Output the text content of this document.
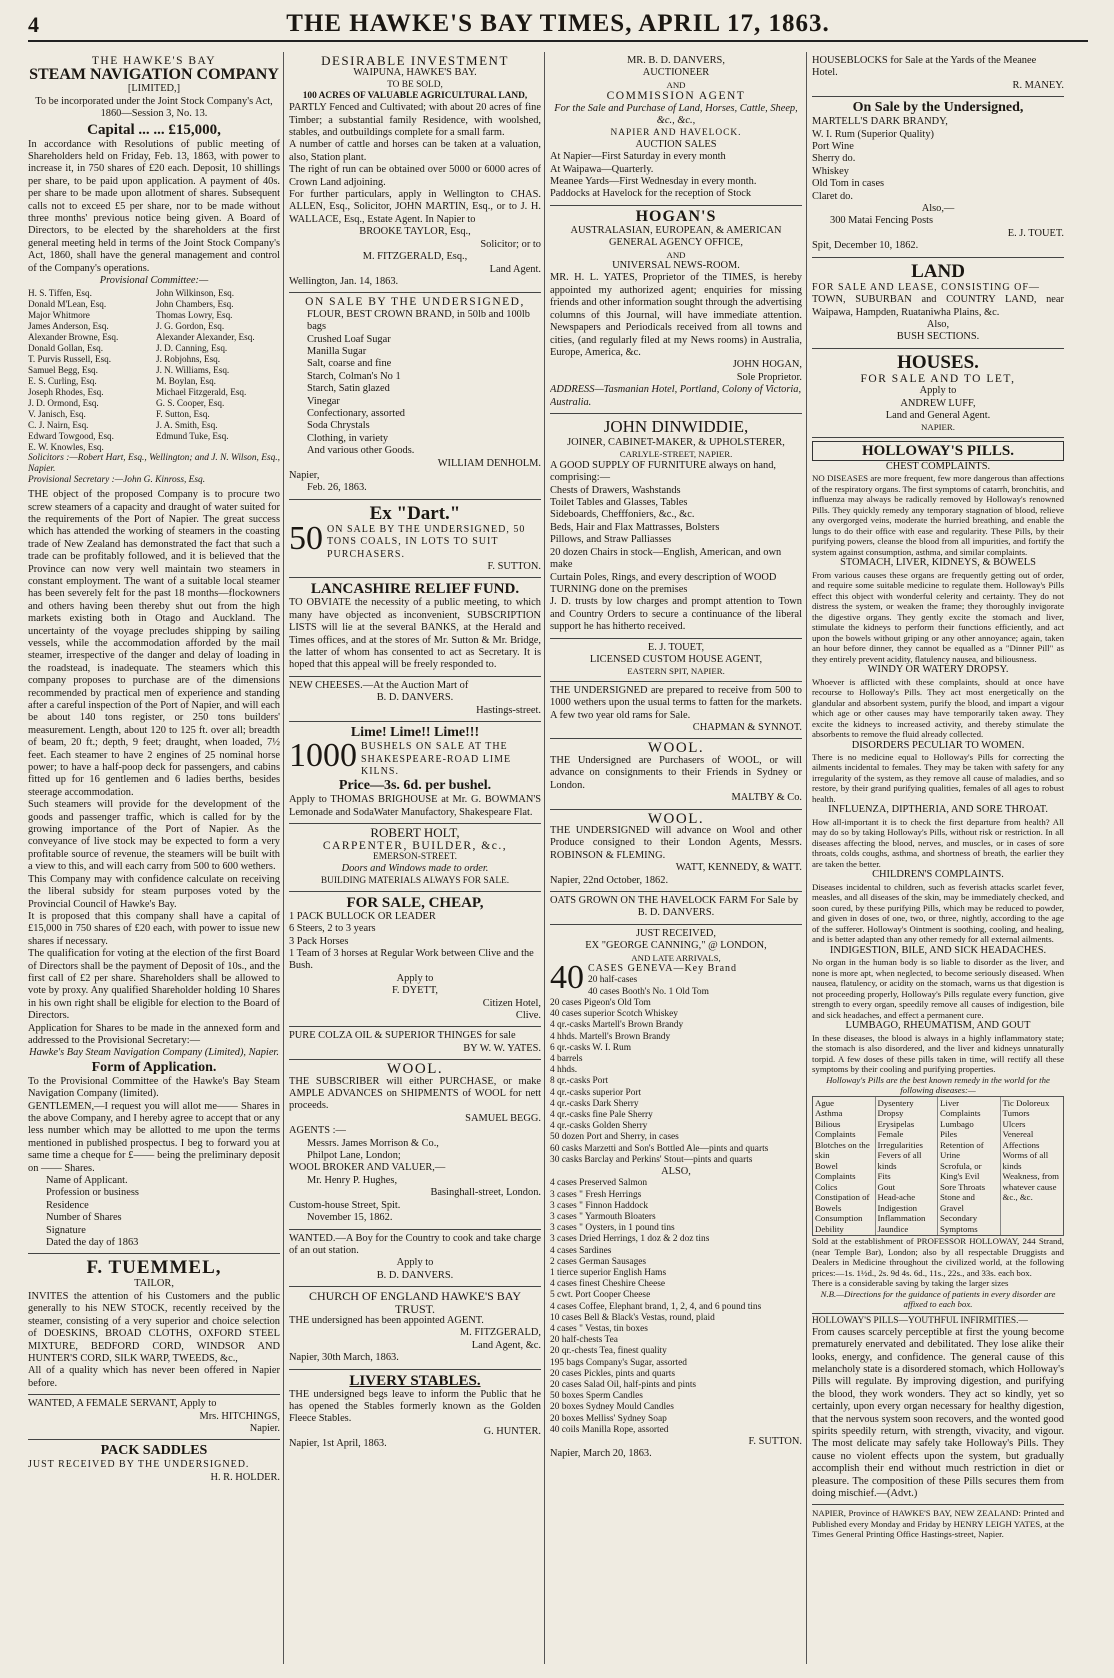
4	THE HAWKE'S BAY TIMES, APRIL 17, 1863.
THE HAWKE'S BAY
STEAM NAVIGATION COMPANY
[LIMITED,]
To be incorporated under the Joint Stock Company's Act, 1860—Session 3, No. 13.
Capital ... ... £15,000,
In accordance with Resolutions of public meeting of Shareholders held on Friday, Feb. 13, 1863, with power to increase it, in 750 shares of £20 each. Deposit, 10 shillings per share, to be paid upon application. A payment of 40s. per share to be made upon allotment of shares. Subsequent calls not to exceed £5 per share, nor to be made without three months' previous notice being given. A Board of Directors, to be elected by the shareholders at the first general meeting held in terms of the Joint Stock Company's Act, 1860, shall have the general management and control of the Company's operations.
Provisional Committee:—
H. S. Tiffen, Esq.
Donald M'Lean, Esq.
Major Whitmore
James Anderson, Esq.
Alexander Browne, Esq.
Donald Gollan, Esq.
T. Purvis Russell, Esq.
Samuel Begg, Esq.
E. S. Curling, Esq.
Joseph Rhodes, Esq.
J. D. Ormond, Esq.
V. Janisch, Esq.
C. J. Nairn, Esq.
Edward Towgood, Esq.
E. W. Knowles, Esq.
John Wilkinson, Esq.
John Chambers, Esq.
Thomas Lowry, Esq.
J. G. Gordon, Esq.
Alexander Alexander, Esq.
J. D. Canning, Esq.
J. Robjohns, Esq.
J. N. Williams, Esq.
M. Boylan, Esq.
Michael Fitzgerald, Esq.
G. S. Cooper, Esq.
F. Sutton, Esq.
J. A. Smith, Esq.
Edmund Tuke, Esq.
Solicitors :—Robert Hart, Esq., Wellington; and J. N. Wilson, Esq., Napier.
Provisional Secretary :—John G. Kinross, Esq.
THE object of the proposed Company is to procure two screw steamers of a capacity and draught of water suited for the requirements of the Port of Napier. The great success which has attended the working of steamers in the coasting trade of New Zealand has demonstrated the fact that such a trade can be profitably followed, and it is believed that the Province can now very well maintain two steamers in constant employment. The want of a suitable local steamer has been severely felt for the past 18 months—flockowners and others having been thereby shut out from the high markets existing both in Otago and Auckland. The uncertainty of the voyage precludes shipping by sailing vessels, while the accommodation afforded by the mail steamer, irrespective of the danger and delay of loading in the roadstead, is inadequate. The steamers which this company proposes to purchase are of the dimensions recommended by practical men of experience and standing after a careful inspection of the Port of Napier, and will each be about 140 tons register, or 250 tons builders' measurement. Length, about 120 to 125 ft. over all; breadth of beam, 20 ft.; depth, 9 feet; draught, when loaded, 7½ feet. Each steamer to have 2 engines of 25 nominal horse power; to have a half-poop deck for passengers, and cabins fitted up for 16 gentlemen and 6 ladies berths, besides steerage accommodation.
Such steamers will provide for the development of the goods and passenger traffic, which is called for by the growing importance of the Port of Napier. As the conveyance of live stock may be expected to form a very profitable source of revenue, the steamers will be built with a view to this, and will each carry from 500 to 600 wethers.
This Company may with confidence calculate on receiving the liberal subsidy for steam purposes voted by the Provincial Council of Hawke's Bay.
It is proposed that this company shall have a capital of £15,000 in 750 shares of £20 each, with power to issue new shares if necessary.
The qualification for voting at the election of the first Board of Directors shall be the payment of Deposit of 10s., and the first call of £2 per share. Shareholders shall be allowed to vote by proxy. Any qualified Shareholder holding 10 Shares in his own right shall be eligible for election to the Board of Directors.
Application for Shares to be made in the annexed form and addressed to the Provisional Secretary:—
Hawke's Bay Steam Navigation Company (Limited), Napier.
Form of Application.
To the Provisional Committee of the Hawke's Bay Steam Navigation Company (limited).
GENTLEMEN,—I request you will allot me—— Shares in the above Company, and I hereby agree to accept that or any less number which may be allotted to me upon the terms mentioned in published prospectus. I beg to forward you at same time a cheque for £—— being the preliminary deposit on —— Shares.
Name of Applicant.
Profession or business
Residence
Number of Shares
Signature
Dated the day of 1863
F. TUEMMEL,
TAILOR,
INVITES the attention of his Customers and the public generally to his NEW STOCK, recently received by the steamer, consisting of a very superior and choice selection of DOESKINS, BROAD CLOTHS, OXFORD STEEL MIXTURE, BEDFORD CORD, WINDSOR AND HUNTER'S CORD, SILK WARP, TWEEDS, &c.,
All of a quality which has never been offered in Napier before.
WANTED, A FEMALE SERVANT, Apply to
Mrs. HITCHINGS,
Napier.
PACK SADDLES
JUST RECEIVED BY THE UNDERSIGNED.
H. R. HOLDER.
DESIRABLE INVESTMENT
WAIPUNA, HAWKE'S BAY.
TO BE SOLD,
100 ACRES OF VALUABLE AGRICULTURAL LAND,
PARTLY Fenced and Cultivated; with about 20 acres of fine Timber; a substantial family Residence, with woolshed, stables, and outbuildings complete for a small farm.
A number of cattle and horses can be taken at a valuation, also, Station plant.
The right of run can be obtained over 5000 or 6000 acres of Crown Land adjoining.
For further particulars, apply in Wellington to CHAS. ALLEN, Esq., Solicitor, JOHN MARTIN, Esq., or to J. H. WALLACE, Esq., Estate Agent. In Napier to
BROOKE TAYLOR, Esq.,
Solicitor; or to
M. FITZGERALD, Esq.,
Land Agent.
Wellington, Jan. 14, 1863.
ON SALE BY THE UNDERSIGNED,
FLOUR, BEST CROWN BRAND, in 50lb and 100lb bags
Crushed Loaf Sugar
Manilla Sugar
Salt, coarse and fine
Starch, Colman's No 1
Starch, Satin glazed
Vinegar
Confectionary, assorted
Soda Chrystals
Clothing, in variety
And various other Goods.
WILLIAM DENHOLM.
Napier,
Feb. 26, 1863.
Ex "Dart."
50 ON SALE BY THE UNDERSIGNED, 50 TONS COALS, IN LOTS TO SUIT PURCHASERS.
F. SUTTON.
LANCASHIRE RELIEF FUND.
TO OBVIATE the necessity of a public meeting, to which many have objected as inconvenient, SUBSCRIPTION LISTS will lie at the several BANKS, at the Herald and Times offices, and at the stores of Mr. Sutton & Mr. Bridge, the latter of whom has consented to act as Secretary. It is hoped that this appeal will be freely responded to.
NEW CHEESES.—At the Auction Mart of
B. D. DANVERS.
Hastings-street.
Lime! Lime!! Lime!!!
1000 BUSHELS ON SALE AT THE SHAKESPEARE-ROAD LIME KILNS.
Price—3s. 6d. per bushel.
Apply to THOMAS BRIGHOUSE at Mr. G. BOWMAN'S Lemonade and SodaWater Manufactory, Shakespeare Flat.
ROBERT HOLT,
CARPENTER, BUILDER, &c.,
EMERSON-STREET.
Doors and Windows made to order.
BUILDING MATERIALS ALWAYS FOR SALE.
FOR SALE, CHEAP,
1 PACK BULLOCK OR LEADER
6 Steers, 2 to 3 years
3 Pack Horses
1 Team of 3 horses at Regular Work between Clive and the Bush.
Apply to
F. DYETT,
Citizen Hotel,
Clive.
PURE COLZA OIL & SUPERIOR THINGES for sale
BY W. W. YATES.
WOOL.
THE SUBSCRIBER will either PURCHASE, or make AMPLE ADVANCES on SHIPMENTS of WOOL for nett proceeds.
SAMUEL BEGG.
AGENTS :—
Messrs. James Morrison & Co.,
Philpot Lane, London;
WOOL BROKER AND VALUER,—
Mr. Henry P. Hughes,
Basinghall-street, London.
Custom-house Street, Spit.
November 15, 1862.
WANTED.—A Boy for the Country to cook and take charge of an out station.
Apply to
B. D. DANVERS.
CHURCH OF ENGLAND HAWKE'S BAY TRUST.
THE undersigned has been appointed AGENT.
M. FITZGERALD,
Land Agent, &c.
Napier, 30th March, 1863.
LIVERY STABLES.
THE undersigned begs leave to inform the Public that he has opened the Stables formerly known as the Golden Fleece Stables.
G. HUNTER.
Napier, 1st April, 1863.
MR. B. D. DANVERS,
AUCTIONEER
AND
COMMISSION AGENT
For the Sale and Purchase of Land, Horses, Cattle, Sheep, &c., &c.,
NAPIER AND HAVELOCK.
AUCTION SALES
At Napier—First Saturday in every month
At Waipawa—Quarterly.
Meanee Yards—First Wednesday in every month.
Paddocks at Havelock for the reception of Stock
HOGAN'S
AUSTRALASIAN, EUROPEAN, & AMERICAN GENERAL AGENCY OFFICE,
AND
UNIVERSAL NEWS-ROOM.
MR. H. L. YATES, Proprietor of the TIMES, is hereby appointed my authorized agent; enquiries for missing friends and other information sought through the advertising columns of this Journal, will have immediate attention. Newspapers and Periodicals received from all towns and cities, (and regularly filed at my News rooms) in Australia, Europe, America, &c.
JOHN HOGAN,
Sole Proprietor.
ADDRESS—Tasmanian Hotel, Portland, Colony of Victoria, Australia.
JOHN DINWIDDIE,
JOINER, CABINET-MAKER, & UPHOLSTERER,
CARLYLE-STREET, NAPIER.
A GOOD SUPPLY OF FURNITURE always on hand, comprising:—
Chests of Drawers, Washstands
Toilet Tables and Glasses, Tables
Sideboards, Chefffoniers, &c., &c.
Beds, Hair and Flax Mattrasses, Bolsters
Pillows, and Straw Palliasses
20 dozen Chairs in stock—English, American, and own make
Curtain Poles, Rings, and every description of WOOD TURNING done on the premises
J. D. trusts by low charges and prompt attention to Town and Country Orders to secure a continuance of the liberal support he has hitherto received.
E. J. TOUET,
LICENSED CUSTOM HOUSE AGENT,
EASTERN SPIT, NAPIER.
THE UNDERSIGNED are prepared to receive from 500 to 1000 wethers upon the usual terms to fatten for the markets. A few two year old rams for Sale.
CHAPMAN & SYNNOT.
WOOL.
THE Undersigned are Purchasers of WOOL, or will advance on consignments to their Friends in Sydney or London.
MALTBY & Co.
WOOL.
THE UNDERSIGNED will advance on Wool and other Produce consigned to their London Agents, Messrs. ROBINSON & FLEMING.
WATT, KENNEDY, & WATT.
Napier, 22nd October, 1862.
OATS GROWN ON THE HAVELOCK FARM For Sale by
B. D. DANVERS.
JUST RECEIVED,
EX "GEORGE CANNING," @ LONDON,
AND LATE ARRIVALS,
40 CASES GENEVA—Key Brand
20 half-cases
40 cases Booth's No. 1 Old Tom
20 cases Pigeon's Old Tom
40 cases superior Scotch Whiskey
4 qr.-casks Martell's Brown Brandy
4 hhds. Martell's Brown Brandy
6 qr.-casks W. I. Rum
4 barrels
4 hhds.
8 qr.-casks Port
4 qr.-casks superior Port
4 qr.-casks Dark Sherry
4 qr.-casks fine Pale Sherry
4 qr.-casks Golden Sherry
50 dozen Port and Sherry, in cases
60 casks Marzetti and Son's Bottled Ale—pints and quarts
30 casks Barclay and Perkins' Stout—pints and quarts
ALSO,
4 cases Preserved Salmon
3 cases " Fresh Herrings
3 cases " Finnon Haddock
3 cases " Yarmouth Bloaters
3 cases " Oysters, in 1 pound tins
3 cases Dried Herrings, 1 doz & 2 doz tins
4 cases Sardines
2 cases German Sausages
1 tierce superior English Hams
4 cases finest Cheshire Cheese
5 cwt. Port Cooper Cheese
4 cases Coffee, Elephant brand, 1, 2, 4, and 6 pound tins
10 cases Bell & Black's Vestas, round, plaid
4 cases " Vestas, tin boxes
20 half-chests Tea
20 qr.-chests Tea, finest quality
195 bags Company's Sugar, assorted
20 cases Pickles, pints and quarts
20 cases Salad Oil, half-pints and pints
50 boxes Sperm Candles
20 boxes Sydney Mould Candles
20 boxes Melliss' Sydney Soap
40 coils Manilla Rope, assorted
F. SUTTON.
Napier, March 20, 1863.
HOUSEBLOCKS for Sale at the Yards of the Meanee Hotel.
R. MANEY.
On Sale by the Undersigned,
MARTELL'S DARK BRANDY,
W. I. Rum (Superior Quality)
Port Wine
Sherry do.
Whiskey
Old Tom in cases
Claret do.
Also,—
300 Matai Fencing Posts
E. J. TOUET.
Spit, December 10, 1862.
LAND
FOR SALE AND LEASE, CONSISTING OF—
TOWN, SUBURBAN and COUNTRY LAND, near Waipawa, Hampden, Ruataniwha Plains, &c.
Also,
BUSH SECTIONS.
HOUSES.
FOR SALE AND TO LET,
Apply to
ANDREW LUFF,
Land and General Agent.
NAPIER.
HOLLOWAY'S PILLS.
CHEST COMPLAINTS.
NO DISEASES are more frequent, few more dangerous than affections of the respiratory organs. The first symptoms of catarrh, bronchitis, and influenza may always be radically removed by Holloway's renowned Pills. They quickly remedy any temporary stagnation of blood, relieve any overgorged veins, moderate the hurried breathing, and enable the lungs to do their office with ease and regularity. These Pills, by their purifying powers, cleanse the blood from all impurities, and fortify the system against consumption, asthma, and similar complaints.
STOMACH, LIVER, KIDNEYS, & BOWELS
From various causes these organs are frequently getting out of order, and require some suitable medicine to regulate them. Holloway's Pills effect this object with wonderful celerity and certainty. They do not distress the system, or weaken the frame; they thoroughly invigorate the digestive organs. They gently excite the stomach and liver, stimulate the kidneys to perform their functions efficiently, and act upon the bowels without griping or any other annoyance; again, taken an hour before dinner, they cannot be equalled as a "Dinner Pill" as they entirely prevent acidity, flatulency nausea, and biliousness.
WINDY OR WATERY DROPSY.
Whoever is afflicted with these complaints, should at once have recourse to Holloway's Pills. They act most energetically on the glandular and absorbent system, purify the blood, and impart a vigour which age or other causes may have temporarily taken away. They excite the kidneys to increased activity, and thereby stimulate the absorbents to remove the fluid already collected.
DISORDERS PECULIAR TO WOMEN.
There is no medicine equal to Holloway's Pills for correcting the ailments incidental to females. They may be taken with safety for any irregularity of the system, as they remove all cause of maladies, and so restore, by their grand purifying qualities, females of all ages to robust health.
INFLUENZA, DIPTHERIA, AND SORE THROAT.
How all-important it is to check the first departure from health? All may do so by taking Holloway's Pills, without risk or restriction. In all diseases affecting the blood, nerves, and muscles, or in cases of sore throats, colds coughs, asthma, and shortness of breath, the earlier they are taken the better.
CHILDREN'S COMPLAINTS.
Diseases incidental to children, such as feverish attacks scarlet fever, measles, and all diseases of the skin, may be immediately checked, and soon cured, by these purifying Pills, which may be reduced to powder, and given in doses of one, two, or three, nightly, according to the age of the sufferer. Holloway's Ointment is soothing, cooling, and healing, and is better adapted than any other remedy for all external ailments.
INDIGESTION, BILE, AND SICK HEADACHES.
No organ in the human body is so liable to disorder as the liver, and none is more apt, when neglected, to become seriously diseased. When nausea, flatulency, or acidity on the stomach, warns us that digestion is not proceeding properly, Holloway's Pills regulate every function, give strength to every organ, speedily remove all causes of indigestion, bile and sick headaches, and effect a permanent cure.
LUMBAGO, RHEUMATISM, AND GOUT
In these diseases, the blood is always in a highly inflammatory state; the stomach is also disordered, and the liver and kidneys unnaturally torpid. A few doses of these pills taken in time, will rectify all these symptoms by their cooling and purifying properties.
Holloway's Pills are the best known remedy in the world for the following diseases:—
Ague
Asthma
Bilious Complaints
Blotches on the skin
Bowel Complaints
Colics
Constipation of Bowels
Consumption
Debility
Dysentery
Dropsy
Erysipelas
Female Irregularities
Fevers of all kinds
Fits
Gout
Head-ache
Indigestion
Inflammation
Jaundice
Liver Complaints
Lumbago
Piles
Retention of Urine
Scrofula, or King's Evil
Sore Throats
Stone and Gravel
Secondary Symptoms
Tic Doloreux
Tumors
Ulcers
Venereal Affections
Worms of all kinds
Weakness, from whatever cause
&c., &c.
Sold at the establishment of PROFESSOR HOLLOWAY, 244 Strand, (near Temple Bar), London; also by all respectable Druggists and Dealers in Medicine throughout the civilized world, at the following prices:—1s. 1½d., 2s. 9d 4s. 6d., 11s., 22s., and 33s. each box.
There is a considerable saving by taking the larger sizes
N.B.—Directions for the guidance of patients in every disorder are affixed to each box.
HOLLOWAY'S PILLS—YOUTHFUL INFIRMITIES.—
From causes scarcely perceptible at first the young become prematurely enervated and debilitated. They lose alike their looks, energy, and confidence. The general cause of this melancholy state is a disordered stomach, which Holloway's Pills will regulate. By improving digestion, and purifying the blood, they work wonders. They act so kindly, yet so certainly, upon every organ necessary for healthy digestion, that the nervous system soon recovers, and the wonted good spirits speedily return, with strength, vivacity, and vigour. The most delicate may safely take Holloway's Pills. They cause no violent effects upon the system, but gradually accomplish their end without much restriction in diet or pleasure. The composition of these Pills secures them from doing mischief.—(Advt.)
NAPIER, Province of HAWKE'S BAY, NEW ZEALAND: Printed and Published every Monday and Friday by HENRY LEIGH YATES, at the Times General Printing Office Hastings-street, Napier.
